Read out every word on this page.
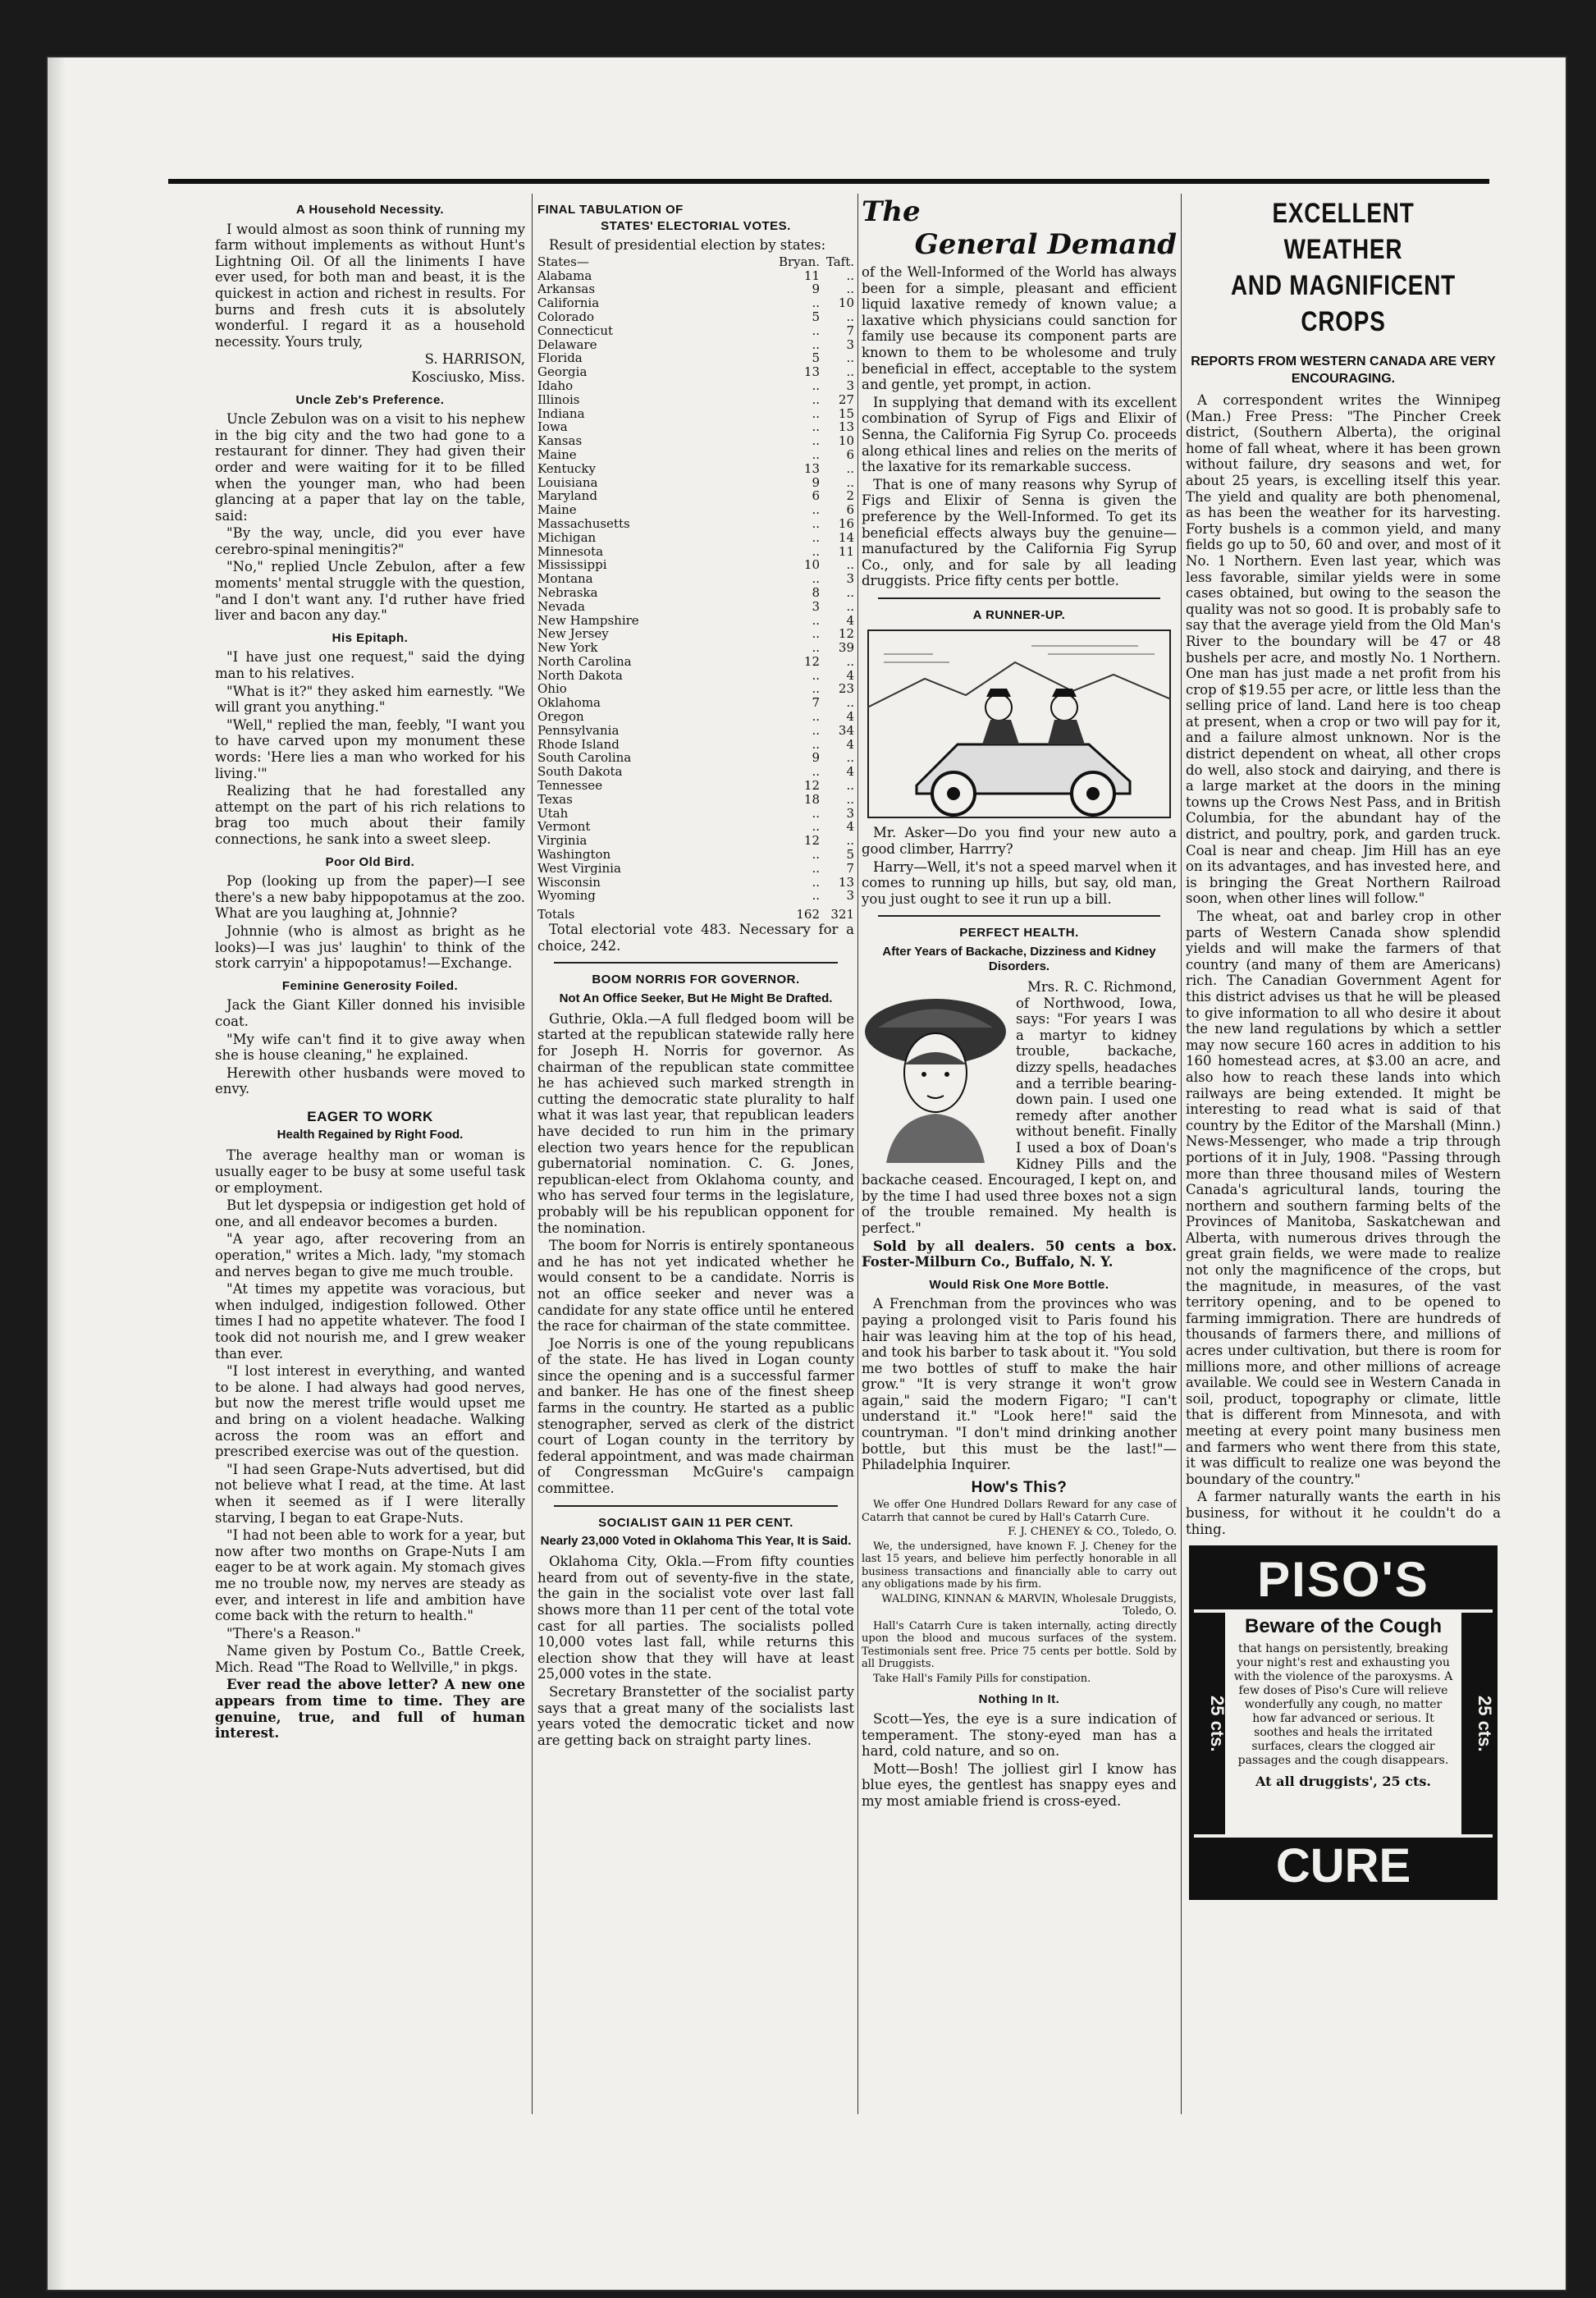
A Household Necessity.

I would almost as soon think of running my farm without implements as without Hunt's Lightning Oil. Of all the liniments I have ever used, for both man and beast, it is the quickest in action and richest in results. For burns and fresh cuts it is absolutely wonderful. I regard it as a household necessity. Yours truly,

S. HARRISON,

Kosciusko, Miss.

Uncle Zeb's Preference.

Uncle Zebulon was on a visit to his nephew in the big city and the two had gone to a restaurant for dinner. They had given their order and were waiting for it to be filled when the younger man, who had been glancing at a paper that lay on the table, said:

"By the way, uncle, did you ever have cerebro-spinal meningitis?"

"No," replied Uncle Zebulon, after a few moments' mental struggle with the question, "and I don't want any. I'd ruther have fried liver and bacon any day."

His Epitaph.

"I have just one request," said the dying man to his relatives.

"What is it?" they asked him earnestly. "We will grant you anything."

"Well," replied the man, feebly, "I want you to have carved upon my monument these words: 'Here lies a man who worked for his living.'"

Realizing that he had forestalled any attempt on the part of his rich relations to brag too much about their family connections, he sank into a sweet sleep.

Poor Old Bird.

Pop (looking up from the paper)—I see there's a new baby hippopotamus at the zoo. What are you laughing at, Johnnie?

Johnnie (who is almost as bright as he looks)—I was jus' laughin' to think of the stork carryin' a hippopotamus!—Exchange.

Feminine Generosity Foiled.

Jack the Giant Killer donned his invisible coat.

"My wife can't find it to give away when she is house cleaning," he explained.

Herewith other husbands were moved to envy.

EAGER TO WORK
Health Regained by Right Food.

The average healthy man or woman is usually eager to be busy at some useful task or employment.

But let dyspepsia or indigestion get hold of one, and all endeavor becomes a burden.

"A year ago, after recovering from an operation," writes a Mich. lady, "my stomach and nerves began to give me much trouble.

"At times my appetite was voracious, but when indulged, indigestion followed. Other times I had no appetite whatever. The food I took did not nourish me, and I grew weaker than ever.

"I lost interest in everything, and wanted to be alone. I had always had good nerves, but now the merest trifle would upset me and bring on a violent headache. Walking across the room was an effort and prescribed exercise was out of the question.

"I had seen Grape-Nuts advertised, but did not believe what I read, at the time. At last when it seemed as if I were literally starving, I began to eat Grape-Nuts.

"I had not been able to work for a year, but now after two months on Grape-Nuts I am eager to be at work again. My stomach gives me no trouble now, my nerves are steady as ever, and interest in life and ambition have come back with the return to health."

"There's a Reason."

Name given by Postum Co., Battle Creek, Mich. Read "The Road to Wellville," in pkgs.

Ever read the above letter? A new one appears from time to time. They are genuine, true, and full of human interest.

FINAL TABULATION OF
STATES' ELECTORIAL VOTES.

Result of presidential election by states:

States—	Bryan.	Taft.
Alabama	11	..
Arkansas	9	..
California	..	10
Colorado	5	..
Connecticut	..	7
Delaware	..	3
Florida	5	..
Georgia	13	..
Idaho	..	3
Illinois	..	27
Indiana	..	15
Iowa	..	13
Kansas	..	10
Maine	..	6
Kentucky	13	..
Louisiana	9	..
Maryland	6	2
Maine	..	6
Massachusetts	..	16
Michigan	..	14
Minnesota	..	11
Mississippi	10	..
Montana	..	3
Nebraska	8	..
Nevada	3	..
New Hampshire	..	4
New Jersey	..	12
New York	..	39
North Carolina	12	..
North Dakota	..	4
Ohio	..	23
Oklahoma	7	..
Oregon	..	4
Pennsylvania	..	34
Rhode Island	..	4
South Carolina	9	..
South Dakota	..	4
Tennessee	12	..
Texas	18	..
Utah	..	3
Vermont	..	4
Virginia	12	..
Washington	..	5
West Virginia	..	7
Wisconsin	..	13
Wyoming	..	3
Totals	162	321

Total electorial vote 483. Necessary for a choice, 242.

BOOM NORRIS FOR GOVERNOR.
Not An Office Seeker, But He Might Be Drafted.

Guthrie, Okla.—A full fledged boom will be started at the republican statewide rally here for Joseph H. Norris for governor. As chairman of the republican state committee he has achieved such marked strength in cutting the democratic state plurality to half what it was last year, that republican leaders have decided to run him in the primary election two years hence for the republican gubernatorial nomination. C. G. Jones, republican-elect from Oklahoma county, and who has served four terms in the legislature, probably will be his republican opponent for the nomination.

The boom for Norris is entirely spontaneous and he has not yet indicated whether he would consent to be a candidate. Norris is not an office seeker and never was a candidate for any state office until he entered the race for chairman of the state committee.

Joe Norris is one of the young republicans of the state. He has lived in Logan county since the opening and is a successful farmer and banker. He has one of the finest sheep farms in the country. He started as a public stenographer, served as clerk of the district court of Logan county in the territory by federal appointment, and was made chairman of Congressman McGuire's campaign committee.

SOCIALIST GAIN 11 PER CENT.
Nearly 23,000 Voted in Oklahoma This Year, It is Said.

Oklahoma City, Okla.—From fifty counties heard from out of seventy-five in the state, the gain in the socialist vote over last fall shows more than 11 per cent of the total vote cast for all parties. The socialists polled 10,000 votes last fall, while returns this election show that they will have at least 25,000 votes in the state.

Secretary Branstetter of the socialist party says that a great many of the socialists last years voted the democratic ticket and now are getting back on straight party lines.

The
General Demand

of the Well-Informed of the World has always been for a simple, pleasant and efficient liquid laxative remedy of known value; a laxative which physicians could sanction for family use because its component parts are known to them to be wholesome and truly beneficial in effect, acceptable to the system and gentle, yet prompt, in action.

In supplying that demand with its excellent combination of Syrup of Figs and Elixir of Senna, the California Fig Syrup Co. proceeds along ethical lines and relies on the merits of the laxative for its remarkable success.

That is one of many reasons why Syrup of Figs and Elixir of Senna is given the preference by the Well-Informed. To get its beneficial effects always buy the genuine—manufactured by the California Fig Syrup Co., only, and for sale by all leading druggists. Price fifty cents per bottle.

A RUNNER-UP.

Mr. Asker—Do you find your new auto a good climber, Harrry?

Harry—Well, it's not a speed marvel when it comes to running up hills, but say, old man, you just ought to see it run up a bill.

PERFECT HEALTH.
After Years of Backache, Dizziness and Kidney Disorders.

Mrs. R. C. Richmond, of Northwood, Iowa, says: "For years I was a martyr to kidney trouble, backache, dizzy spells, headaches and a terrible bearing-down pain. I used one remedy after another without benefit. Finally I used a box of Doan's Kidney Pills and the backache ceased. Encouraged, I kept on, and by the time I had used three boxes not a sign of the trouble remained. My health is perfect."

Sold by all dealers. 50 cents a box. Foster-Milburn Co., Buffalo, N. Y.

Would Risk One More Bottle.

A Frenchman from the provinces who was paying a prolonged visit to Paris found his hair was leaving him at the top of his head, and took his barber to task about it. "You sold me two bottles of stuff to make the hair grow." "It is very strange it won't grow again," said the modern Figaro; "I can't understand it." "Look here!" said the countryman. "I don't mind drinking another bottle, but this must be the last!"—Philadelphia Inquirer.

How's This?

We offer One Hundred Dollars Reward for any case of Catarrh that cannot be cured by Hall's Catarrh Cure.

F. J. CHENEY & CO., Toledo, O.

We, the undersigned, have known F. J. Cheney for the last 15 years, and believe him perfectly honorable in all business transactions and financially able to carry out any obligations made by his firm.

WALDING, KINNAN & MARVIN, Wholesale Druggists, Toledo, O.

Hall's Catarrh Cure is taken internally, acting directly upon the blood and mucous surfaces of the system. Testimonials sent free. Price 75 cents per bottle. Sold by all Druggists.

Take Hall's Family Pills for constipation.

Nothing In It.

Scott—Yes, the eye is a sure indication of temperament. The stony-eyed man has a hard, cold nature, and so on.

Mott—Bosh! The jolliest girl I know has blue eyes, the gentlest has snappy eyes and my most amiable friend is cross-eyed.

EXCELLENT WEATHER
AND MAGNIFICENT CROPS
REPORTS FROM WESTERN CANADA ARE VERY ENCOURAGING.

A correspondent writes the Winnipeg (Man.) Free Press: "The Pincher Creek district, (Southern Alberta), the original home of fall wheat, where it has been grown without failure, dry seasons and wet, for about 25 years, is excelling itself this year. The yield and quality are both phenomenal, as has been the weather for its harvesting. Forty bushels is a common yield, and many fields go up to 50, 60 and over, and most of it No. 1 Northern. Even last year, which was less favorable, similar yields were in some cases obtained, but owing to the season the quality was not so good. It is probably safe to say that the average yield from the Old Man's River to the boundary will be 47 or 48 bushels per acre, and mostly No. 1 Northern. One man has just made a net profit from his crop of $19.55 per acre, or little less than the selling price of land. Land here is too cheap at present, when a crop or two will pay for it, and a failure almost unknown. Nor is the district dependent on wheat, all other crops do well, also stock and dairying, and there is a large market at the doors in the mining towns up the Crows Nest Pass, and in British Columbia, for the abundant hay of the district, and poultry, pork, and garden truck. Coal is near and cheap. Jim Hill has an eye on its advantages, and has invested here, and is bringing the Great Northern Railroad soon, when other lines will follow."

The wheat, oat and barley crop in other parts of Western Canada show splendid yields and will make the farmers of that country (and many of them are Americans) rich. The Canadian Government Agent for this district advises us that he will be pleased to give information to all who desire it about the new land regulations by which a settler may now secure 160 acres in addition to his 160 homestead acres, at $3.00 an acre, and also how to reach these lands into which railways are being extended. It might be interesting to read what is said of that country by the Editor of the Marshall (Minn.) News-Messenger, who made a trip through portions of it in July, 1908. "Passing through more than three thousand miles of Western Canada's agricultural lands, touring the northern and southern farming belts of the Provinces of Manitoba, Saskatchewan and Alberta, with numerous drives through the great grain fields, we were made to realize not only the magnificence of the crops, but the magnitude, in measures, of the vast territory opening, and to be opened to farming immigration. There are hundreds of thousands of farmers there, and millions of acres under cultivation, but there is room for millions more, and other millions of acreage available. We could see in Western Canada in soil, product, topography or climate, little that is different from Minnesota, and with meeting at every point many business men and farmers who went there from this state, it was difficult to realize one was beyond the boundary of the country."

A farmer naturally wants the earth in his business, for without it he couldn't do a thing.

PISO'S
25 cts.	25 cts.
Beware of the Cough
that hangs on persistently, breaking your night's rest and exhausting you with the violence of the paroxysms. A few doses of Piso's Cure will relieve wonderfully any cough, no matter how far advanced or serious. It soothes and heals the irritated surfaces, clears the clogged air passages and the cough disappears.
At all druggists', 25 cts.
CURE
